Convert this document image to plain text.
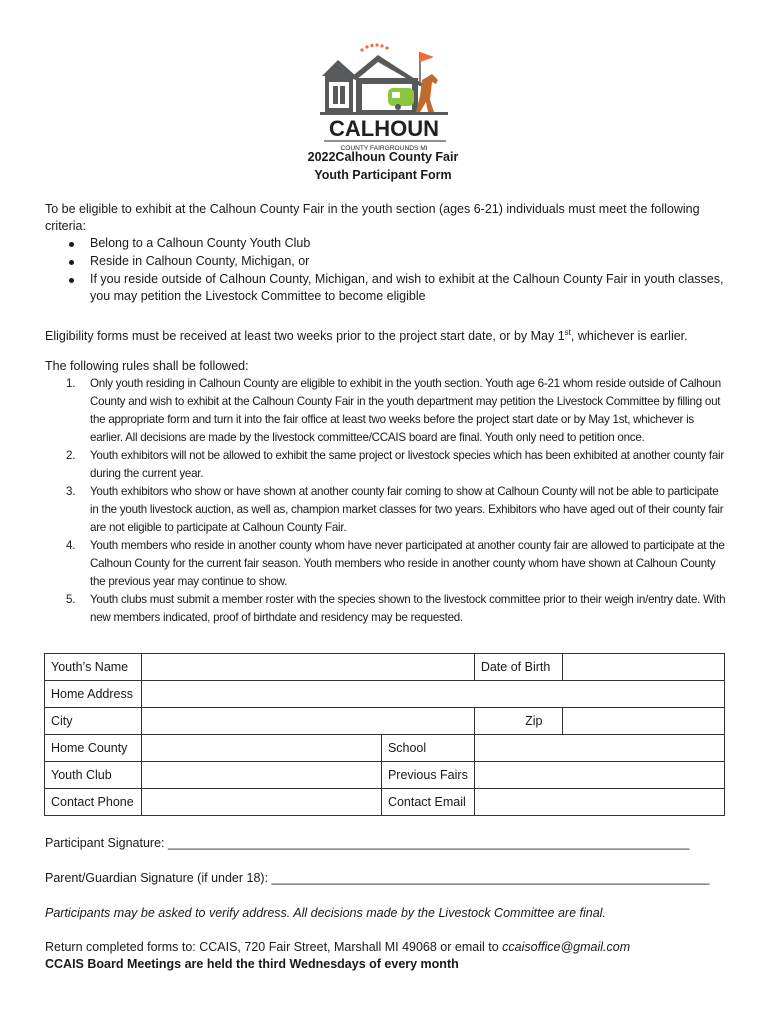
CALHOUN
COUNTY FAIRGROUNDS MI
2022Calhoun County Fair
Youth Participant Form
To be eligible to exhibit at the Calhoun County Fair in the youth section (ages 6-21) individuals must meet the following criteria:
Belong to a Calhoun County Youth Club
Reside in Calhoun County, Michigan, or
If you reside outside of Calhoun County, Michigan, and wish to exhibit at the Calhoun County Fair in youth classes, you may petition the Livestock Committee to become eligible
Eligibility forms must be received at least two weeks prior to the project start date, or by May 1st, whichever is earlier.
The following rules shall be followed:
1. Only youth residing in Calhoun County are eligible to exhibit in the youth section. Youth age 6-21 whom reside outside of Calhoun County and wish to exhibit at the Calhoun County Fair in the youth department may petition the Livestock Committee by filling out the appropriate form and turn it into the fair office at least two weeks before the project start date or by May 1st, whichever is earlier. All decisions are made by the livestock committee/CCAIS board are final. Youth only need to petition once.
2. Youth exhibitors will not be allowed to exhibit the same project or livestock species which has been exhibited at another county fair during the current year.
3. Youth exhibitors who show or have shown at another county fair coming to show at Calhoun County will not be able to participate in the youth livestock auction, as well as, champion market classes for two years. Exhibitors who have aged out of their county fair are not eligible to participate at Calhoun County Fair.
4. Youth members who reside in another county whom have never participated at another county fair are allowed to participate at the Calhoun County for the current fair season. Youth members who reside in another county whom have shown at Calhoun County the previous year may continue to show.
5. Youth clubs must submit a member roster with the species shown to the livestock committee prior to their weigh in/entry date. With new members indicated, proof of birthdate and residency may be requested.
Youth’s Name			Date of Birth	
Home Address				
City			Zip	
Home County		School		
Youth Club		Previous Fairs		
Contact Phone		Contact Email		
Participant Signature: ___________________________________________________________________________
Parent/Guardian Signature (if under 18): _______________________________________________________________
Participants may be asked to verify address. All decisions made by the Livestock Committee are final.
Return completed forms to: CCAIS, 720 Fair Street, Marshall MI 49068 or email to ccaisoffice@gmail.com
CCAIS Board Meetings are held the third Wednesdays of every month
